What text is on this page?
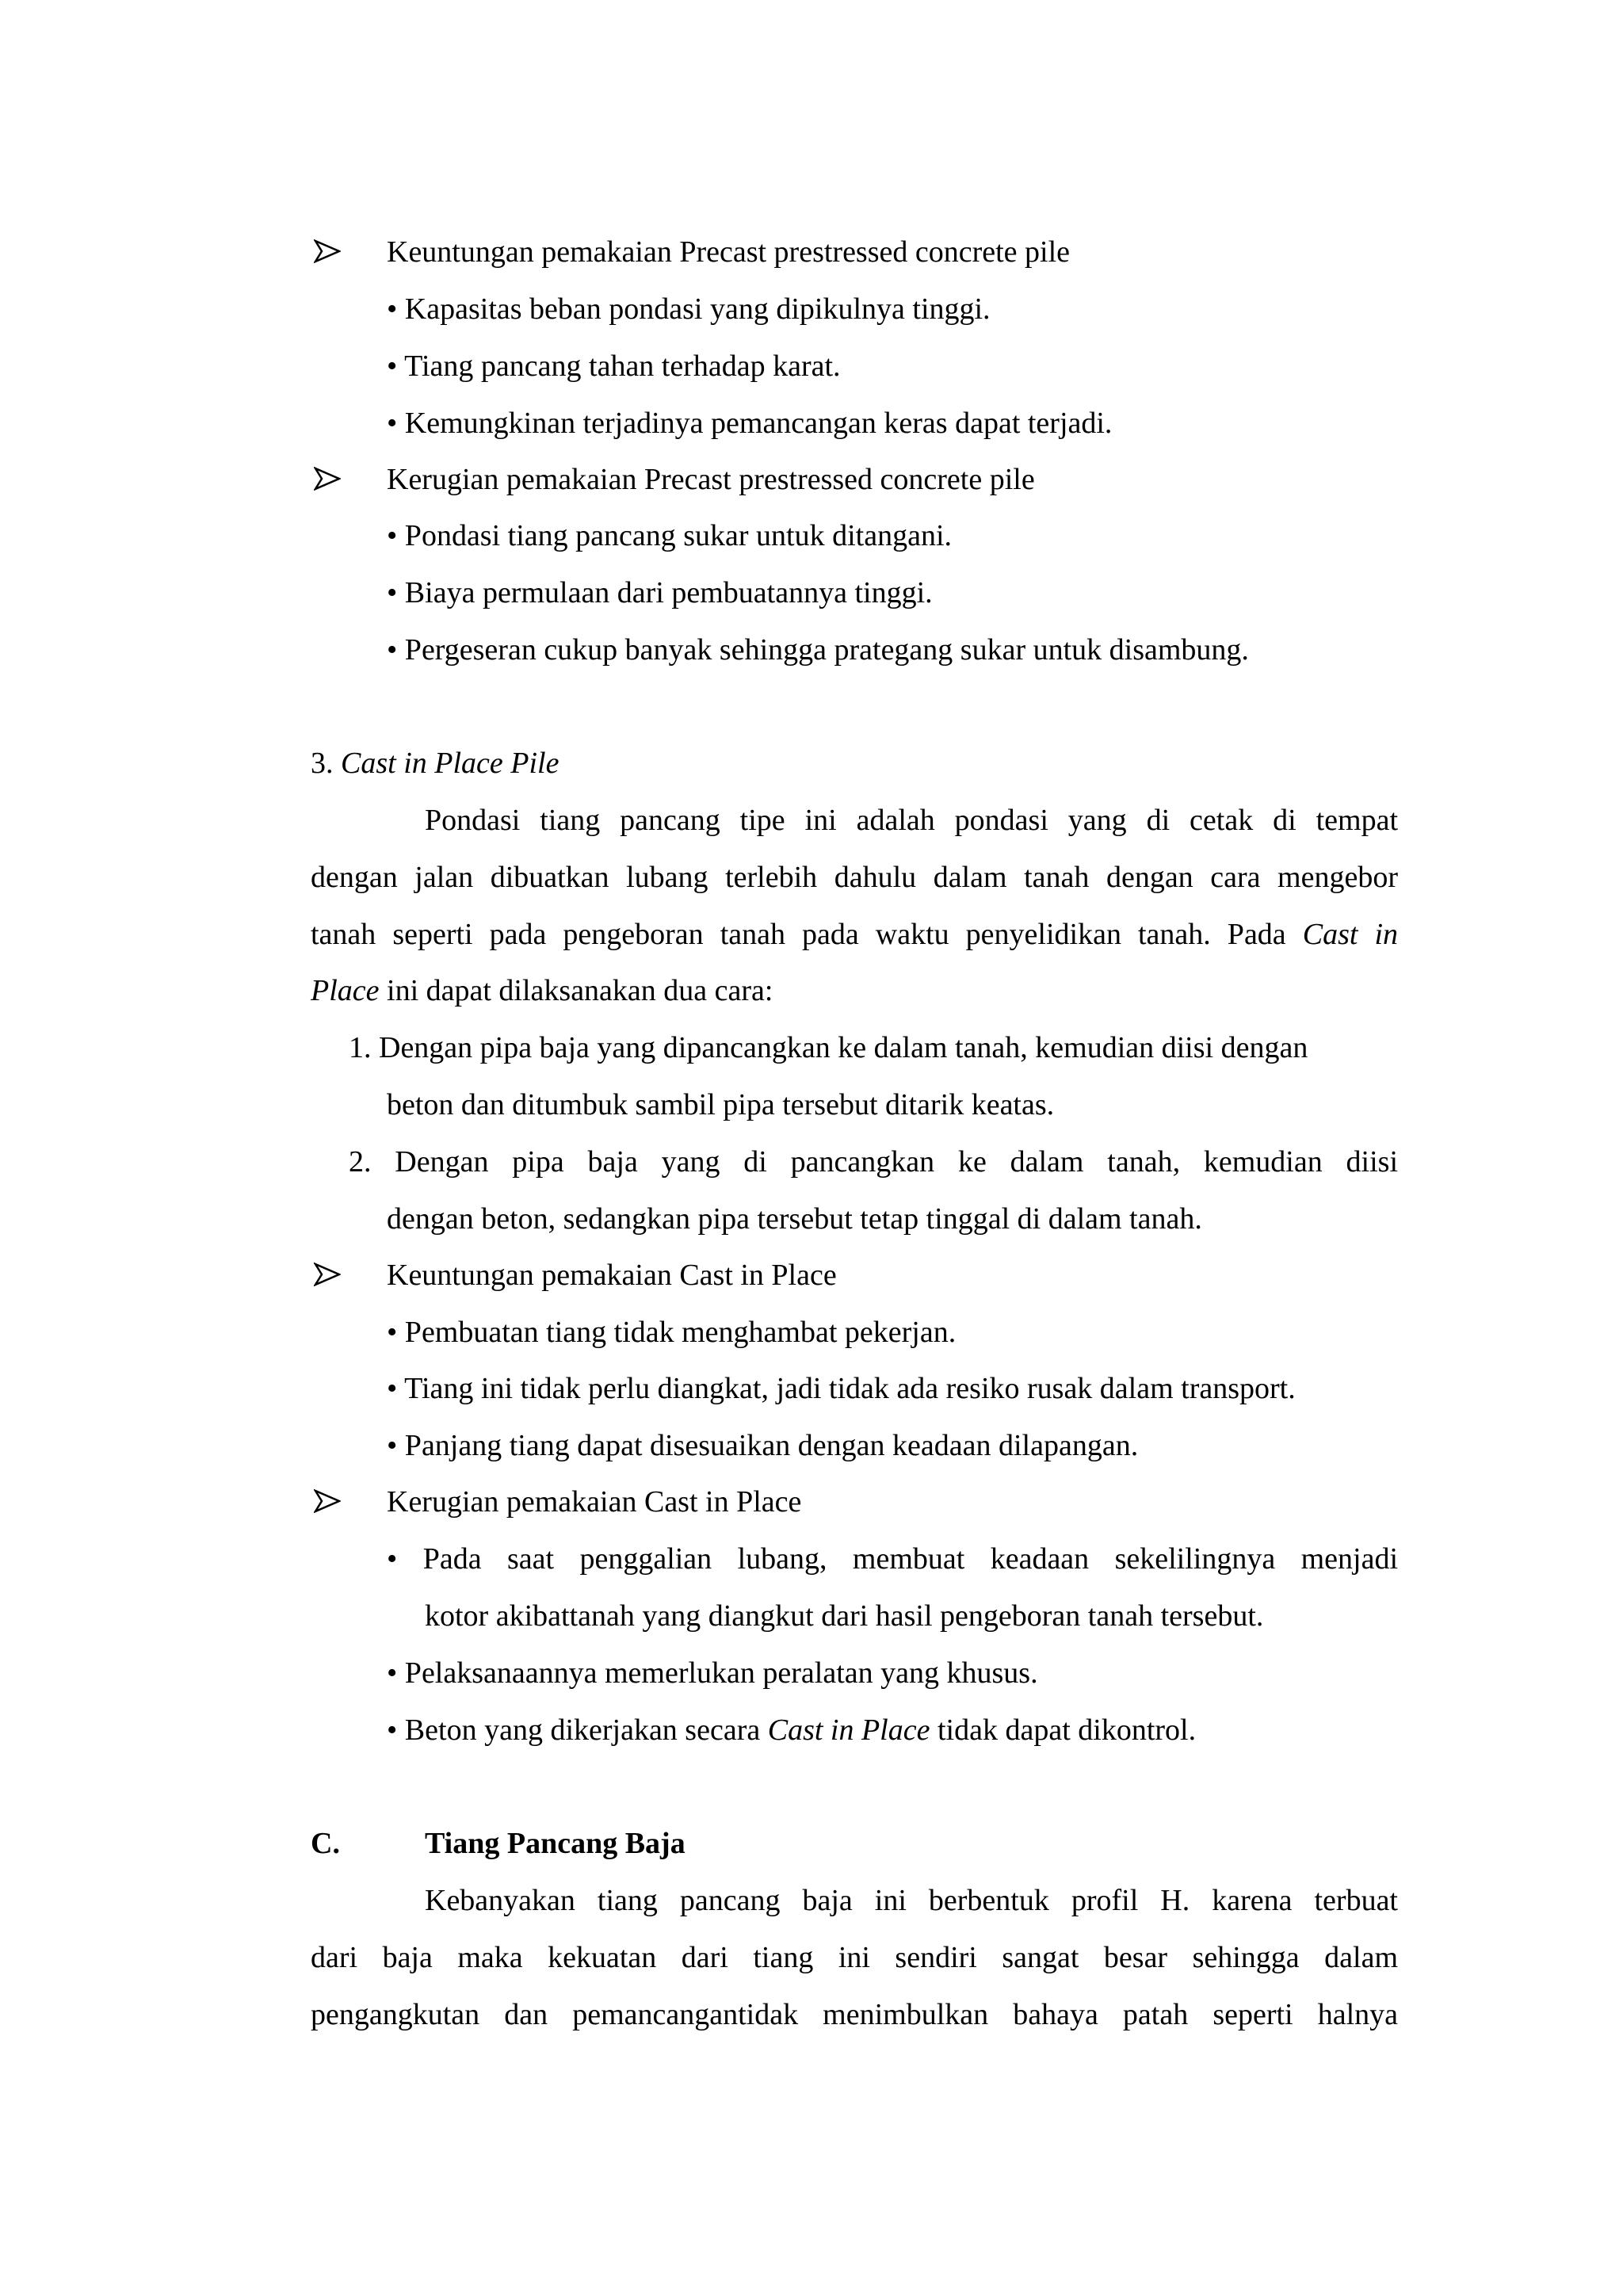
Keuntungan pemakaian Precast prestressed concrete pile
• Kapasitas beban pondasi yang dipikulnya tinggi.
• Tiang pancang tahan terhadap karat.
• Kemungkinan terjadinya pemancangan keras dapat terjadi.
Kerugian pemakaian Precast prestressed concrete pile
• Pondasi tiang pancang sukar untuk ditangani.
• Biaya permulaan dari pembuatannya tinggi.
• Pergeseran cukup banyak sehingga prategang sukar untuk disambung.
3. Cast in Place Pile
Pondasi tiang pancang tipe ini adalah pondasi yang di cetak di tempat
dengan jalan dibuatkan lubang terlebih dahulu dalam tanah dengan cara mengebor
tanah seperti pada pengeboran tanah pada waktu penyelidikan tanah. Pada Cast in
Place ini dapat dilaksanakan dua cara:
1. Dengan pipa baja yang dipancangkan ke dalam tanah, kemudian diisi dengan
beton dan ditumbuk sambil pipa tersebut ditarik keatas.
2. Dengan pipa baja yang di pancangkan ke dalam tanah, kemudian diisi
dengan beton, sedangkan pipa tersebut tetap tinggal di dalam tanah.
Keuntungan pemakaian Cast in Place
• Pembuatan tiang tidak menghambat pekerjan.
• Tiang ini tidak perlu diangkat, jadi tidak ada resiko rusak dalam transport.
• Panjang tiang dapat disesuaikan dengan keadaan dilapangan.
Kerugian pemakaian Cast in Place
• Pada saat penggalian lubang, membuat keadaan sekelilingnya menjadi
kotor akibattanah yang diangkut dari hasil pengeboran tanah tersebut.
• Pelaksanaannya memerlukan peralatan yang khusus.
• Beton yang dikerjakan secara Cast in Place tidak dapat dikontrol.
C.	Tiang Pancang Baja
Kebanyakan tiang pancang baja ini berbentuk profil H. karena terbuat
dari baja maka kekuatan dari tiang ini sendiri sangat besar sehingga dalam
pengangkutan dan pemancangantidak menimbulkan bahaya patah seperti halnya
